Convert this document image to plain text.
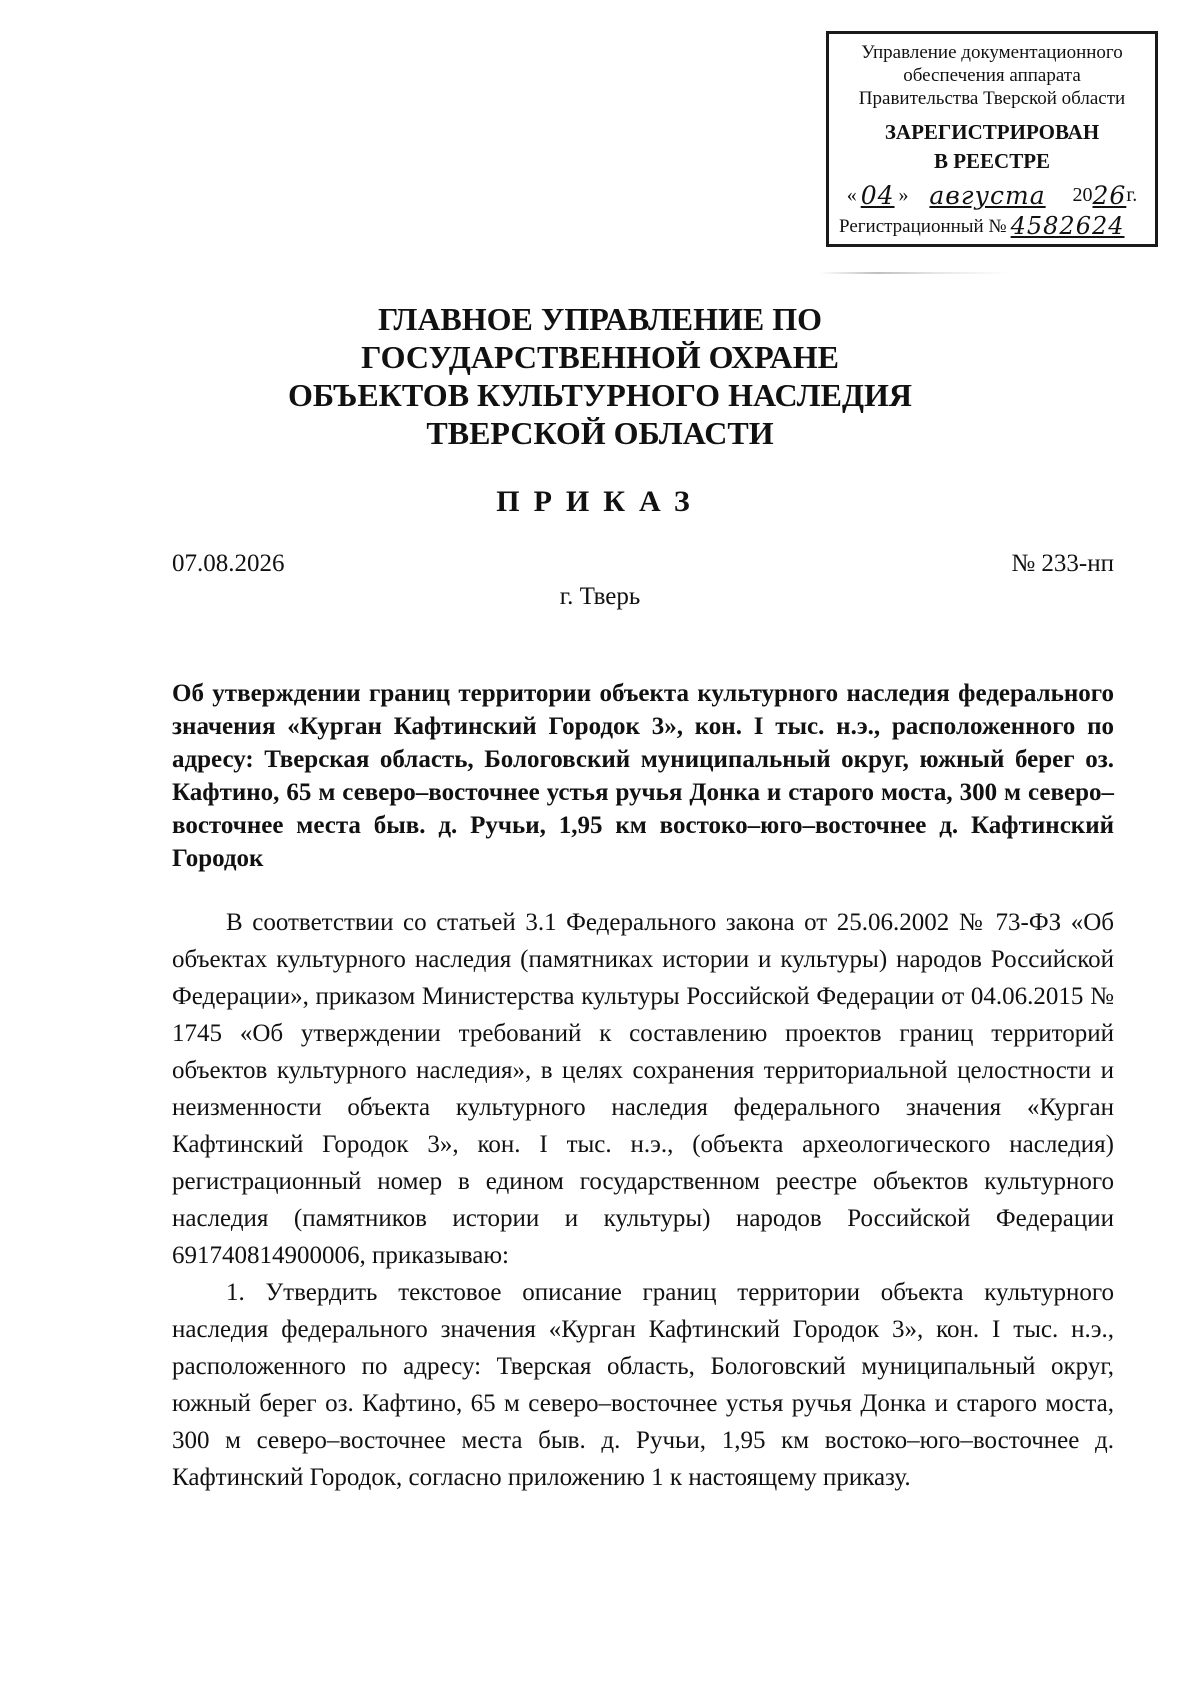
Управление документационного
обеспечения аппарата
Правительства Тверской области
ЗАРЕГИСТРИРОВАН
В РЕЕСТРЕ
« 04 » августа	20 26 г.
Регистрационный № 4582624
ГЛАВНОЕ УПРАВЛЕНИЕ ПО
ГОСУДАРСТВЕННОЙ ОХРАНЕ
ОБЪЕКТОВ КУЛЬТУРНОГО НАСЛЕДИЯ
ТВЕРСКОЙ ОБЛАСТИ
ПРИКАЗ
07.08.2026	№ 233-нп
г. Тверь
Об утверждении границ территории объекта культурного наследия федерального значения «Курган Кафтинский Городок 3», кон. I тыс. н.э., расположенного по адресу: Тверская область, Бологовский муниципальный округ, южный берег оз. Кафтино, 65 м северо–восточнее устья ручья Донка и старого моста, 300 м северо–восточнее места быв. д. Ручьи, 1,95 км востоко–юго–восточнее д. Кафтинский Городок

В соответствии со статьей 3.1 Федерального закона от 25.06.2002 № 73-ФЗ «Об объектах культурного наследия (памятниках истории и культуры) народов Российской Федерации», приказом Министерства культуры Российской Федерации от 04.06.2015 № 1745 «Об утверждении требований к составлению проектов границ территорий объектов культурного наследия», в целях сохранения территориальной целостности и неизменности объекта культурного наследия федерального значения «Курган Кафтинский Городок 3», кон. I тыс. н.э., (объекта археологического наследия) регистрационный номер в едином государственном реестре объектов культурного наследия (памятников истории и культуры) народов Российской Федерации 691740814900006, приказываю:

1. Утвердить текстовое описание границ территории объекта культурного наследия федерального значения «Курган Кафтинский Городок 3», кон. I тыс. н.э., расположенного по адресу: Тверская область, Бологовский муниципальный округ, южный берег оз. Кафтино, 65 м северо–восточнее устья ручья Донка и старого моста, 300 м северо–восточнее места быв. д. Ручьи, 1,95 км востоко–юго–восточнее д. Кафтинский Городок, согласно приложению 1 к настоящему приказу.
